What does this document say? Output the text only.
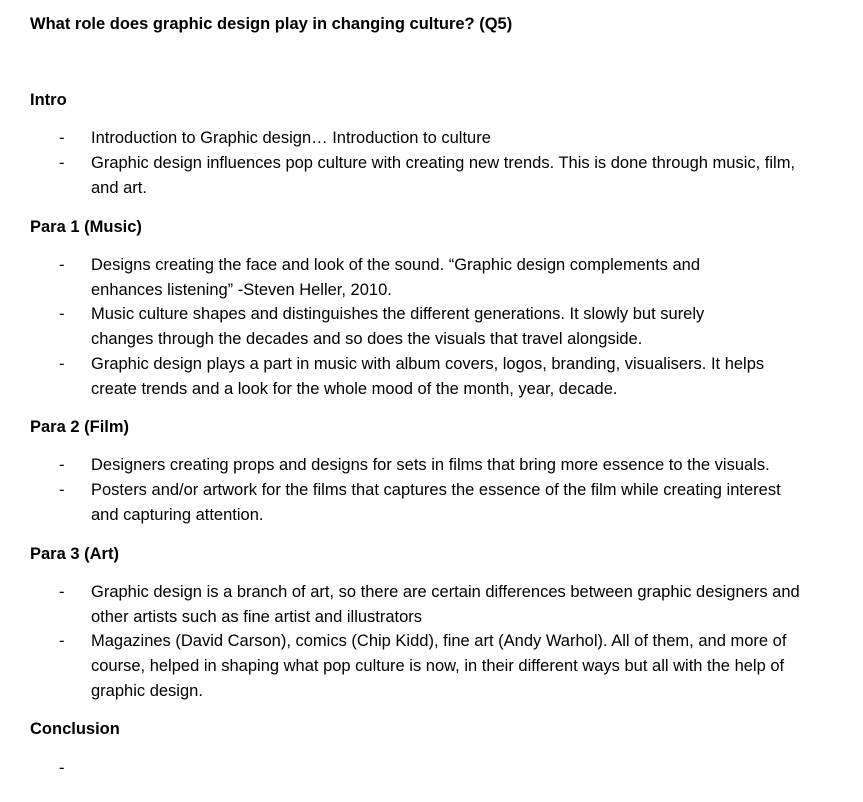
What role does graphic design play in changing culture? (Q5)
Intro
- Introduction to Graphic design… Introduction to culture
- Graphic design influences pop culture with creating new trends. This is done through music, film, and art.
Para 1 (Music)
- Designs creating the face and look of the sound. “Graphic design complements and enhances listening” -Steven Heller, 2010.
- Music culture shapes and distinguishes the different generations. It slowly but surely changes through the decades and so does the visuals that travel alongside.
- Graphic design plays a part in music with album covers, logos, branding, visualisers. It helps create trends and a look for the whole mood of the month, year, decade.
Para 2 (Film)
- Designers creating props and designs for sets in films that bring more essence to the visuals.
- Posters and/or artwork for the films that captures the essence of the film while creating interest and capturing attention.
Para 3 (Art)
- Graphic design is a branch of art, so there are certain differences between graphic designers and other artists such as fine artist and illustrators
- Magazines (David Carson), comics (Chip Kidd), fine art (Andy Warhol). All of them, and more of course, helped in shaping what pop culture is now, in their different ways but all with the help of graphic design.
Conclusion
-
